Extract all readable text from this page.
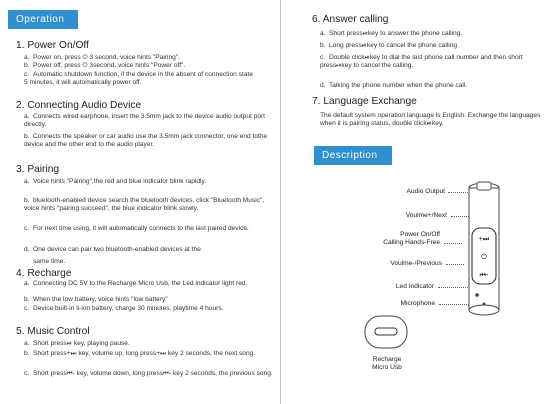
Operation
1. Power On/Off
a. Power on, press ⏻ 3 second, voice hints "Pairing".
b. Power off, press ⏻ 3second, voice hints "Power off".
c. Automatic shutdown function, if the device in the absent of connection state 5 minutes, it will automatically power off.
2. Connecting Audio Device
a. Connects wired earphone, insert the 3.5mm jack to the device audio output port directly.
b. Connects the speaker or car audio use the 3.5mm jack connector, one end tothe device and the other end to the audio player.
3. Pairing
a. Voice hints "Pairing",the red and blue indicator blink rapidly.
b. bluetooth-enabled device search the bluetooth devices, click "Bluetooth Music", voice hints "pairing succeed", the blue indicator blink slowly.
c. For next time using, it will automatically connects to the last paired device.
d. One device can pair two bluetooth-enabled devices at the
same time.
4. Recharge
a. Connecting DC 5V to the Recharge Micro Usb, the Led indicator light red.
b. When the low battery, voice hints "low battery"
c. Device built-in li-ion battery, charge 30 minutes, playtime 4 hours.
5. Music Control
a. Short press⏯ key, playing pause.
b. Short press+⏭ key, volume up, long press+⏭ key 2 seconds, the next song.
c. Short press⏮- key, volume down, long press⏮- key 2 seconds, the previous song.
6. Answer calling
a. Short press⏯key to answer the phone calling.
b. Long press⏯key to cancel the phone calling.
c. Double click⏯key to dial the last phone call number and then short press⏯key to cancel the calling.
d. Talking the phone number when the phone call.
7. Language Exchange
The default system operation language is English. Exchange the languages when it is pairing status, double click⏯key.
Description
Audio Output
Voulme+/Next
Power On/Off
Calling Hands-Free
Voulme-/Previous
Led Indicator
Microphone
+⏭
⏻
⏮-
Recharge
Micro Usb
